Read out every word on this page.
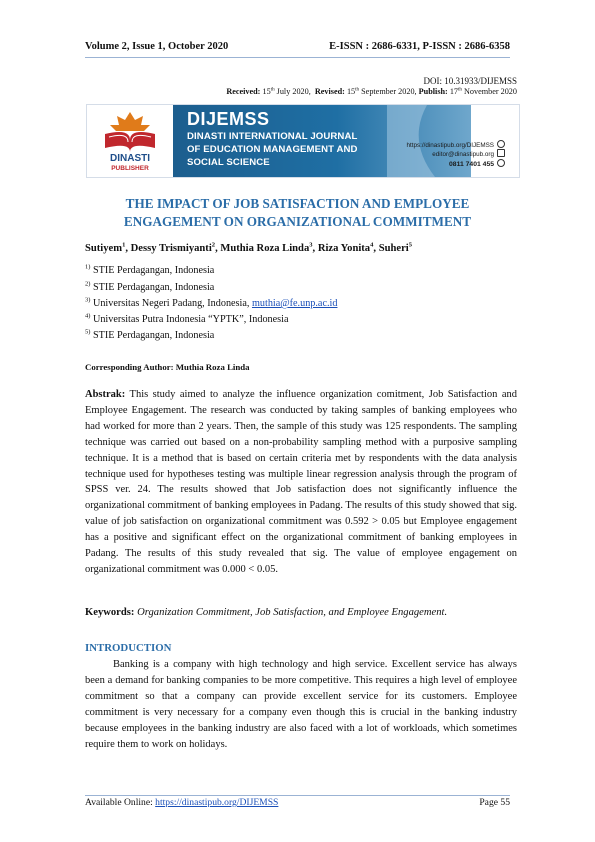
Volume 2, Issue 1, October 2020	E-ISSN : 2686-6331, P-ISSN : 2686-6358
DOI: 10.31933/DIJEMSS
Received: 15th July 2020, Revised: 15th September 2020, Publish: 17th November 2020
DINASTI
PUBLISHER
DIJEMSS
DINASTI INTERNATIONAL JOURNAL
OF EDUCATION MANAGEMENT AND
SOCIAL SCIENCE
https://dinastipub.org/DIJEMSS
editor@dinastipub.org
0811 7401 455
THE IMPACT OF JOB SATISFACTION AND EMPLOYEE
ENGAGEMENT ON ORGANIZATIONAL COMMITMENT
Sutiyem$^1$, Dessy Trismiyanti$^2$, Muthia Roza Linda$^3$, Riza Yonita$^4$, Suheri$^5$
$^{1)}$ STIE Perdagangan, Indonesia
$^{2)}$ STIE Perdagangan, Indonesia
$^{3)}$ Universitas Negeri Padang, Indonesia, muthia@fe.unp.ac.id
$^{4)}$ Universitas Putra Indonesia “YPTK”, Indonesia
$^{5)}$ STIE Perdagangan, Indonesia
Corresponding Author: Muthia Roza Linda
Abstrak: This study aimed to analyze the influence organization comitment, Job Satisfaction and Employee Engagement. The research was conducted by taking samples of banking employees who had worked for more than 2 years. Then, the sample of this study was 125 respondents. The sampling technique was carried out based on a non-probability sampling method with a purposive sampling technique. It is a method that is based on certain criteria met by respondents with the data analysis technique used for hypotheses testing was multiple linear regression analysis through the program of SPSS ver. 24. The results showed that Job satisfaction does not significantly influence the organizational commitment of banking employees in Padang. The results of this study showed that sig. value of job satisfaction on organizational commitment was 0.592 > 0.05 but Employee engagement has a positive and significant effect on the organizational commitment of banking employees in Padang. The results of this study revealed that sig. The value of employee engagement on organizational commitment was 0.000 < 0.05.
Keywords: Organization Commitment, Job Satisfaction, and Employee Engagement.
INTRODUCTION
Banking is a company with high technology and high service. Excellent service has always been a demand for banking companies to be more competitive. This requires a high level of employee commitment so that a company can provide excellent service for its customers. Employee commitment is very necessary for a company even though this is crucial in the banking industry because employees in the banking industry are also faced with a lot of workloads, which sometimes require them to work on holidays.
Available Online: https://dinastipub.org/DIJEMSS	Page 55
